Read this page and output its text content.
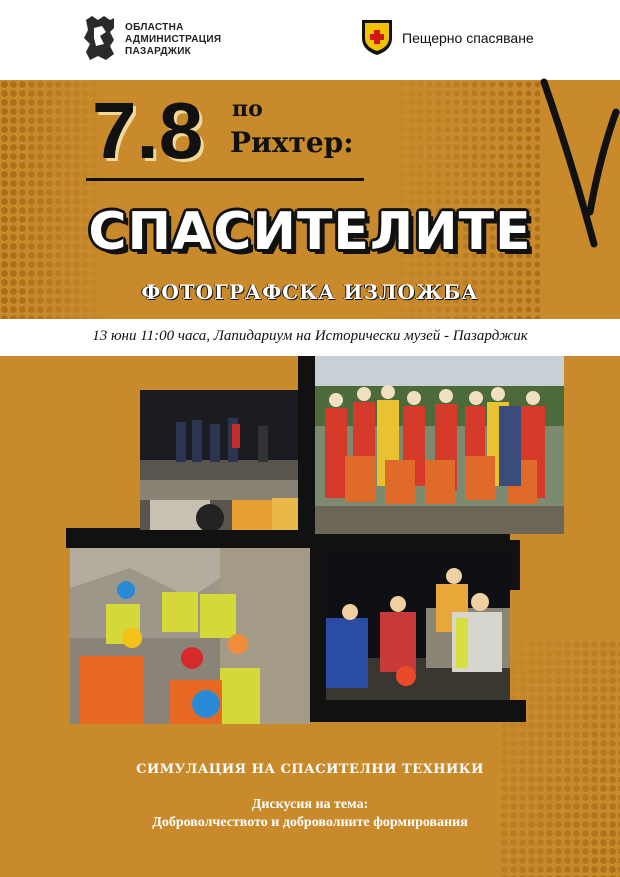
ОБЛАСТНА
АДМИНИСТРАЦИЯ
ПАЗАРДЖИК
Пещерно спасяване
7.8 по
Рихтер:
СПАСИТЕЛИТЕ
ФОТОГРАФСКА ИЗЛОЖБА
13 юни 11:00 часа, Лапидариум на Исторически музей - Пазарджик
СИМУЛАЦИЯ НА СПАСИТЕЛНИ ТЕХНИКИ
Дискусия на тема:
Доброволчеството и доброволните формирования
